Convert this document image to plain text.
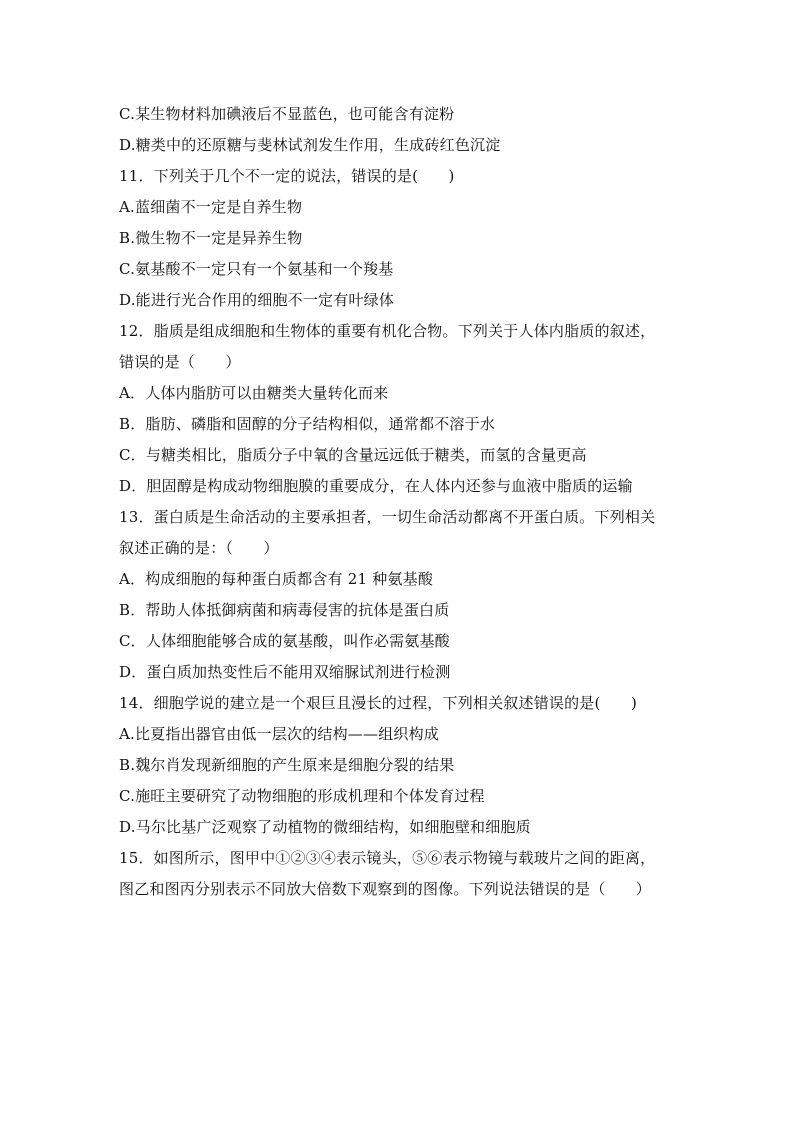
C.某生物材料加碘液后不显蓝色，也可能含有淀粉
D.糖类中的还原糖与斐林试剂发生作用，生成砖红色沉淀
11．下列关于几个不一定的说法，错误的是(　　)
A.蓝细菌不一定是自养生物
B.微生物不一定是异养生物
C.氨基酸不一定只有一个氨基和一个羧基
D.能进行光合作用的细胞不一定有叶绿体
12．脂质是组成细胞和生物体的重要有机化合物。下列关于人体内脂质的叙述，
错误的是（　　）
A．人体内脂肪可以由糖类大量转化而来
B．脂肪、磷脂和固醇的分子结构相似，通常都不溶于水
C．与糖类相比，脂质分子中氧的含量远远低于糖类，而氢的含量更高
D．胆固醇是构成动物细胞膜的重要成分，在人体内还参与血液中脂质的运输
13．蛋白质是生命活动的主要承担者，一切生命活动都离不开蛋白质。下列相关
叙述正确的是：（　　）
A．构成细胞的每种蛋白质都含有 21 种氨基酸
B．帮助人体抵御病菌和病毒侵害的抗体是蛋白质
C．人体细胞能够合成的氨基酸，叫作必需氨基酸
D．蛋白质加热变性后不能用双缩脲试剂进行检测
14．细胞学说的建立是一个艰巨且漫长的过程，下列相关叙述错误的是(　　)
A.比夏指出器官由低一层次的结构——组织构成
B.魏尔肖发现新细胞的产生原来是细胞分裂的结果
C.施旺主要研究了动物细胞的形成机理和个体发育过程
D.马尔比基广泛观察了动植物的微细结构，如细胞壁和细胞质
15．如图所示，图甲中①②③④表示镜头，⑤⑥表示物镜与载玻片之间的距离，
图乙和图丙分别表示不同放大倍数下观察到的图像。下列说法错误的是（　　）
